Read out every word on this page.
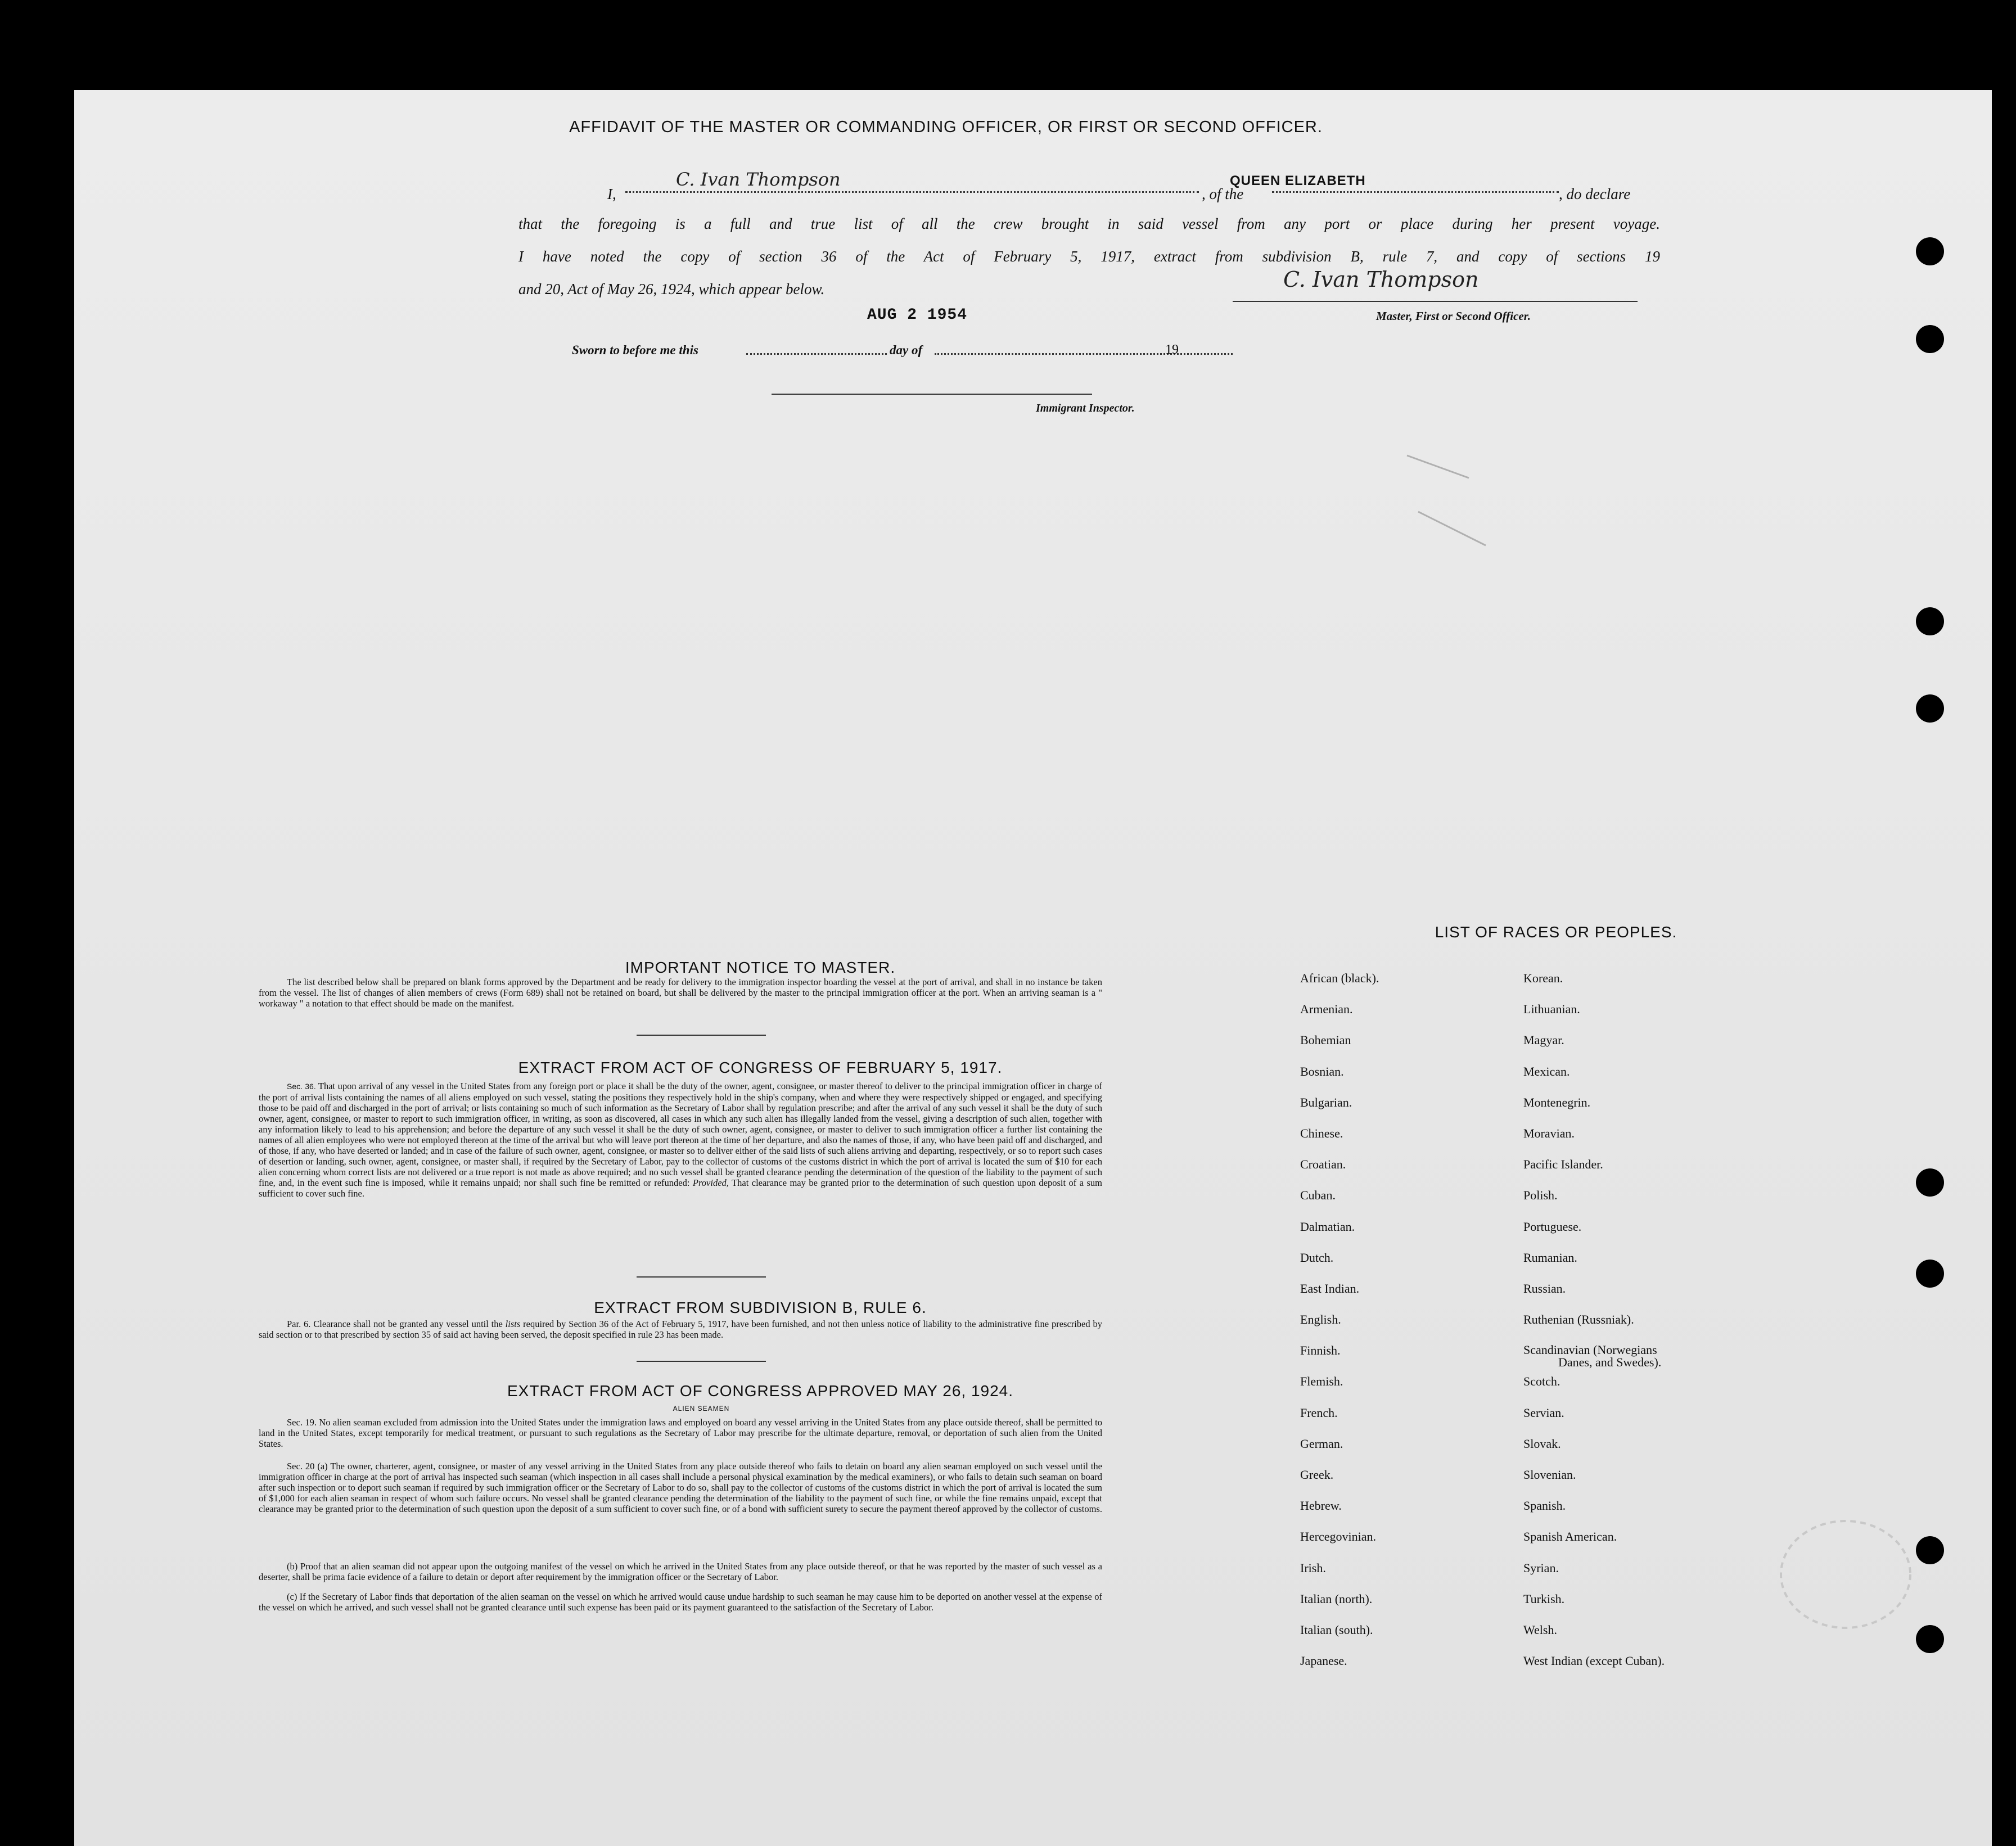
AFFIDAVIT OF THE MASTER OR COMMANDING OFFICER, OR FIRST OR SECOND OFFICER.
I,
C. Ivan Thompson
, of the
QUEEN ELIZABETH
, do declare
that the foregoing is a full and true list of all the crew brought in said vessel from any port or place during her present voyage.
I have noted the copy of section 36 of the Act of February 5, 1917, extract from subdivision B, rule 7, and copy of sections 19
and 20, Act of May 26, 1924, which appear below.
AUG 2 1954
C. Ivan Thompson
Master, First or Second Officer.
Sworn to before me this	day of	19
Immigrant Inspector.
IMPORTANT NOTICE TO MASTER.
The list described below shall be prepared on blank forms approved by the Department and be ready for delivery to the immigration inspector boarding the vessel at the port of arrival, and shall in no instance be taken from the vessel. The list of changes of alien members of crews (Form 689) shall not be retained on board, but shall be delivered by the master to the principal immigration officer at the port. When an arriving seaman is a " workaway " a notation to that effect should be made on the manifest.
EXTRACT FROM ACT OF CONGRESS OF FEBRUARY 5, 1917.
Sec. 36. That upon arrival of any vessel in the United States from any foreign port or place it shall be the duty of the owner, agent, consignee, or master thereof to deliver to the principal immigration officer in charge of the port of arrival lists containing the names of all aliens employed on such vessel, stating the positions they respectively hold in the ship's company, when and where they were respectively shipped or engaged, and specifying those to be paid off and discharged in the port of arrival; or lists containing so much of such information as the Secretary of Labor shall by regulation prescribe; and after the arrival of any such vessel it shall be the duty of such owner, agent, consignee, or master to report to such immigration officer, in writing, as soon as discovered, all cases in which any such alien has illegally landed from the vessel, giving a description of such alien, together with any information likely to lead to his apprehension; and before the departure of any such vessel it shall be the duty of such owner, agent, consignee, or master to deliver to such immigration officer a further list containing the names of all alien employees who were not employed thereon at the time of the arrival but who will leave port thereon at the time of her departure, and also the names of those, if any, who have been paid off and discharged, and of those, if any, who have deserted or landed; and in case of the failure of such owner, agent, consignee, or master so to deliver either of the said lists of such aliens arriving and departing, respectively, or so to report such cases of desertion or landing, such owner, agent, consignee, or master shall, if required by the Secretary of Labor, pay to the collector of customs of the customs district in which the port of arrival is located the sum of $10 for each alien concerning whom correct lists are not delivered or a true report is not made as above required; and no such vessel shall be granted clearance pending the determination of the question of the liability to the payment of such fine, and, in the event such fine is imposed, while it remains unpaid; nor shall such fine be remitted or refunded: Provided, That clearance may be granted prior to the determination of such question upon deposit of a sum sufficient to cover such fine.
EXTRACT FROM SUBDIVISION B, RULE 6.
Par. 6. Clearance shall not be granted any vessel until the lists required by Section 36 of the Act of February 5, 1917, have been furnished, and not then unless notice of liability to the administrative fine prescribed by said section or to that prescribed by section 35 of said act having been served, the deposit specified in rule 23 has been made.
EXTRACT FROM ACT OF CONGRESS APPROVED MAY 26, 1924.
ALIEN SEAMEN
Sec. 19. No alien seaman excluded from admission into the United States under the immigration laws and employed on board any vessel arriving in the United States from any place outside thereof, shall be permitted to land in the United States, except temporarily for medical treatment, or pursuant to such regulations as the Secretary of Labor may prescribe for the ultimate departure, removal, or deportation of such alien from the United States.
Sec. 20 (a) The owner, charterer, agent, consignee, or master of any vessel arriving in the United States from any place outside thereof who fails to detain on board any alien seaman employed on such vessel until the immigration officer in charge at the port of arrival has inspected such seaman (which inspection in all cases shall include a personal physical examination by the medical examiners), or who fails to detain such seaman on board after such inspection or to deport such seaman if required by such immigration officer or the Secretary of Labor to do so, shall pay to the collector of customs of the customs district in which the port of arrival is located the sum of $1,000 for each alien seaman in respect of whom such failure occurs. No vessel shall be granted clearance pending the determination of the liability to the payment of such fine, or while the fine remains unpaid, except that clearance may be granted prior to the determination of such question upon the deposit of a sum sufficient to cover such fine, or of a bond with sufficient surety to secure the payment thereof approved by the collector of customs.
(b) Proof that an alien seaman did not appear upon the outgoing manifest of the vessel on which he arrived in the United States from any place outside thereof, or that he was reported by the master of such vessel as a deserter, shall be prima facie evidence of a failure to detain or deport after requirement by the immigration officer or the Secretary of Labor.
(c) If the Secretary of Labor finds that deportation of the alien seaman on the vessel on which he arrived would cause undue hardship to such seaman he may cause him to be deported on another vessel at the expense of the vessel on which he arrived, and such vessel shall not be granted clearance until such expense has been paid or its payment guaranteed to the satisfaction of the Secretary of Labor.
LIST OF RACES OR PEOPLES.
African (black).
Armenian.
Bohemian
Bosnian.
Bulgarian.
Chinese.
Croatian.
Cuban.
Dalmatian.
Dutch.
East Indian.
English.
Finnish.
Flemish.
French.
German.
Greek.
Hebrew.
Hercegovinian.
Irish.
Italian (north).
Italian (south).
Japanese.
Korean.
Lithuanian.
Magyar.
Mexican.
Montenegrin.
Moravian.
Pacific Islander.
Polish.
Portuguese.
Rumanian.
Russian.
Ruthenian (Russniak).
Scandinavian (Norwegians
Danes, and Swedes).
Scotch.
Servian.
Slovak.
Slovenian.
Spanish.
Spanish American.
Syrian.
Turkish.
Welsh.
West Indian (except Cuban).
